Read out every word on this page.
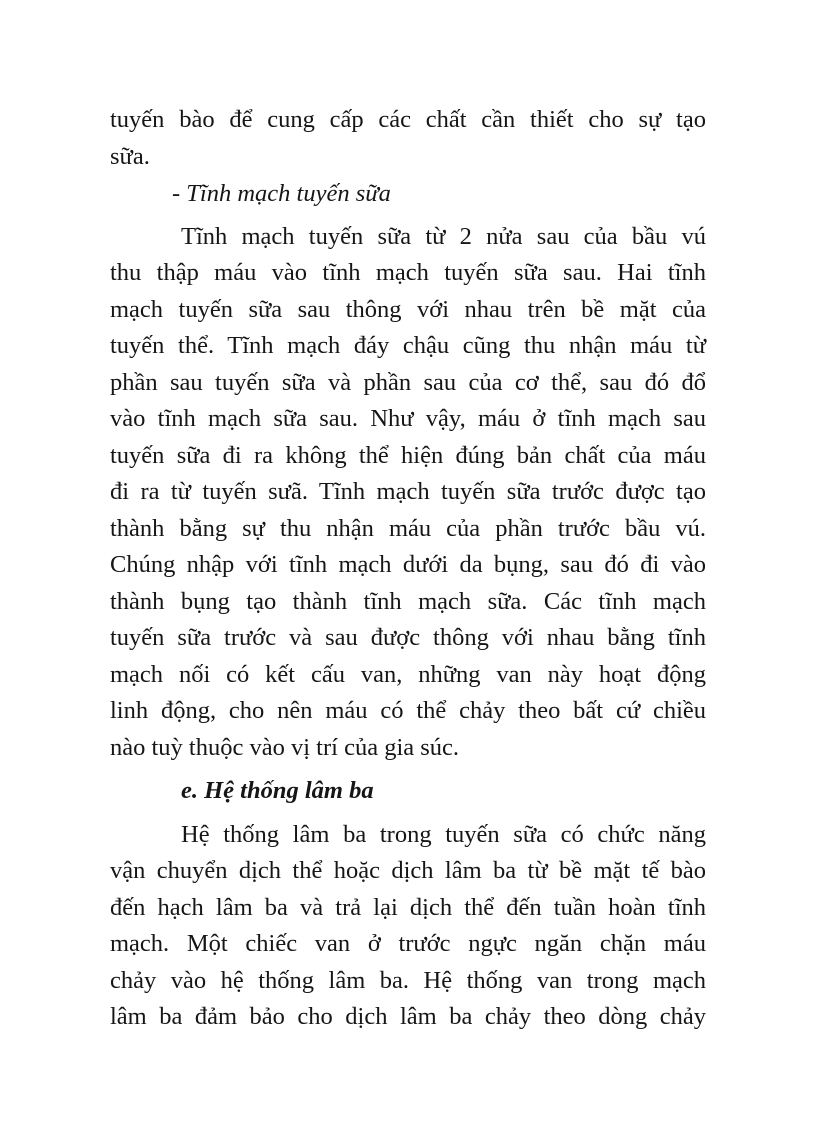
tuyến bào để cung cấp các chất cần thiết cho sự tạo
sữa.
- Tĩnh mạch tuyến sữa
Tĩnh mạch tuyến sữa từ 2 nửa sau của bầu vú
thu thập máu vào tĩnh mạch tuyến sữa sau. Hai tĩnh
mạch tuyến sữa sau thông với nhau trên bề mặt của
tuyến thể. Tĩnh mạch đáy chậu cũng thu nhận máu từ
phần sau tuyến sữa và phần sau của cơ thể, sau đó đổ
vào tĩnh mạch sữa sau. Như vậy, máu ở tĩnh mạch sau
tuyến sữa đi ra không thể hiện đúng bản chất của máu
đi ra từ tuyến sưã. Tĩnh mạch tuyến sữa trước được tạo
thành bằng sự thu nhận máu của phần trước bầu vú.
Chúng nhập với tĩnh mạch dưới da bụng, sau đó đi vào
thành bụng tạo thành tĩnh mạch sữa. Các tĩnh mạch
tuyến sữa trước và sau được thông với nhau bằng tĩnh
mạch nối có kết cấu van, những van này hoạt động
linh động, cho nên máu có thể chảy theo bất cứ chiều
nào tuỳ thuộc vào vị trí của gia súc.
e. Hệ thống lâm ba
Hệ thống lâm ba trong tuyến sữa có chức năng
vận chuyển dịch thể hoặc dịch lâm ba từ bề mặt tế bào
đến hạch lâm ba và trả lại dịch thể đến tuần hoàn tĩnh
mạch. Một chiếc van ở trước ngực ngăn chặn máu
chảy vào hệ thống lâm ba. Hệ thống van trong mạch
lâm ba đảm bảo cho dịch lâm ba chảy theo dòng chảy
